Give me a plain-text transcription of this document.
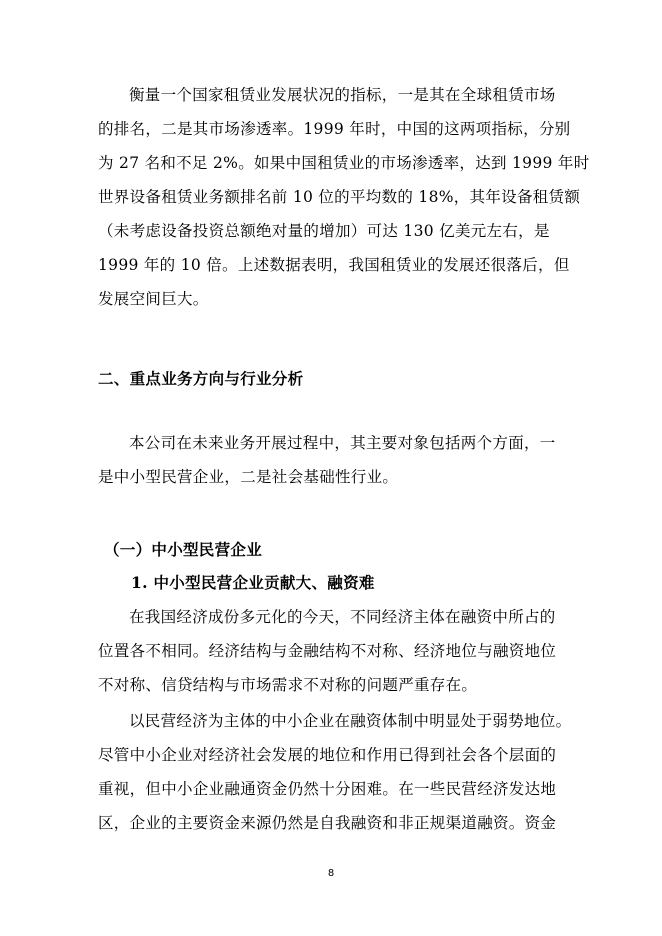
衡量一个国家租赁业发展状况的指标，一是其在全球租赁市场
的排名，二是其市场渗透率。1999 年时，中国的这两项指标，分别
为 27 名和不足 2%。如果中国租赁业的市场渗透率，达到 1999 年时
世界设备租赁业务额排名前 10 位的平均数的 18%，其年设备租赁额
（未考虑设备投资总额绝对量的增加）可达 130 亿美元左右，是
1999 年的 10 倍。上述数据表明，我国租赁业的发展还很落后，但
发展空间巨大。

二、重点业务方向与行业分析

本公司在未来业务开展过程中，其主要对象包括两个方面，一
是中小型民营企业，二是社会基础性行业。

（一）中小型民营企业
1. 中小型民营企业贡献大、融资难

在我国经济成份多元化的今天，不同经济主体在融资中所占的
位置各不相同。经济结构与金融结构不对称、经济地位与融资地位
不对称、信贷结构与市场需求不对称的问题严重存在。

以民营经济为主体的中小企业在融资体制中明显处于弱势地位。
尽管中小企业对经济社会发展的地位和作用已得到社会各个层面的
重视，但中小企业融通资金仍然十分困难。在一些民营经济发达地
区，企业的主要资金来源仍然是自我融资和非正规渠道融资。资金

8
